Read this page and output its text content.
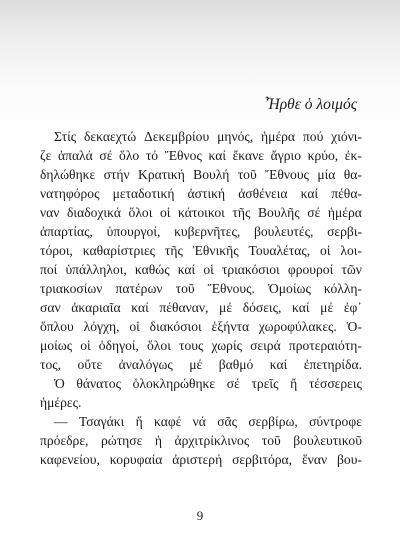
Ἦρθε ὁ λοιμός
Στίς δεκαεχτώ Δεκεμβρίου μηνός, ἡμέρα πού χιόνι-
ζε ἁπαλά σέ ὅλο τό Ἔθνος καί ἔκανε ἄγριο κρύο, ἐκ-
δηλώθηκε στήν Κρατική Βουλή τοῦ Ἔθνους μία θα-
νατηφόρος μεταδοτική ἀστική ἀσθένεια καί πέθα-
ναν διαδοχικά ὅλοι οἱ κάτοικοι τῆς Βουλῆς σέ ἡμέρα
ἀπαρτίας, ὑπουργοί, κυβερνῆτες, βουλευτές, σερβι-
τόροι, καθαρίστριες τῆς Ἐθνικῆς Τουαλέτας, οἱ λοι-
ποί ὑπάλληλοι, καθώς καί οἱ τριακόσιοι φρουροί τῶν
τριακοσίων πατέρων τοῦ Ἔθνους. Ὁμοίως κόλλη-
σαν ἀκαριαῖα καί πέθαναν, μέ δόσεις, καί μέ ἐφ᾽
ὅπλου λόγχη, οἱ διακόσιοι ἑξήντα χωροφύλακες. Ὁ-
μοίως οἱ ὁδηγοί, ὅλοι τους χωρίς σειρά προτεραιότη-
τος, οὔτε ἀναλόγως μέ βαθμό καί ἐπετηρίδα.
Ὁ θάνατος ὁλοκληρώθηκε σέ τρεῖς ἤ τέσσερεις
ἡμέρες.
— Τσαγάκι ἤ καφέ νά σᾶς σερβίρω, σύντροφε
πρόεδρε, ρώτησε ἡ ἀρχιτρίκλινος τοῦ βουλευτικοῦ
καφενείου, κορυφαία ἀριστερή σερβιτόρα, ἕναν βου-
9
